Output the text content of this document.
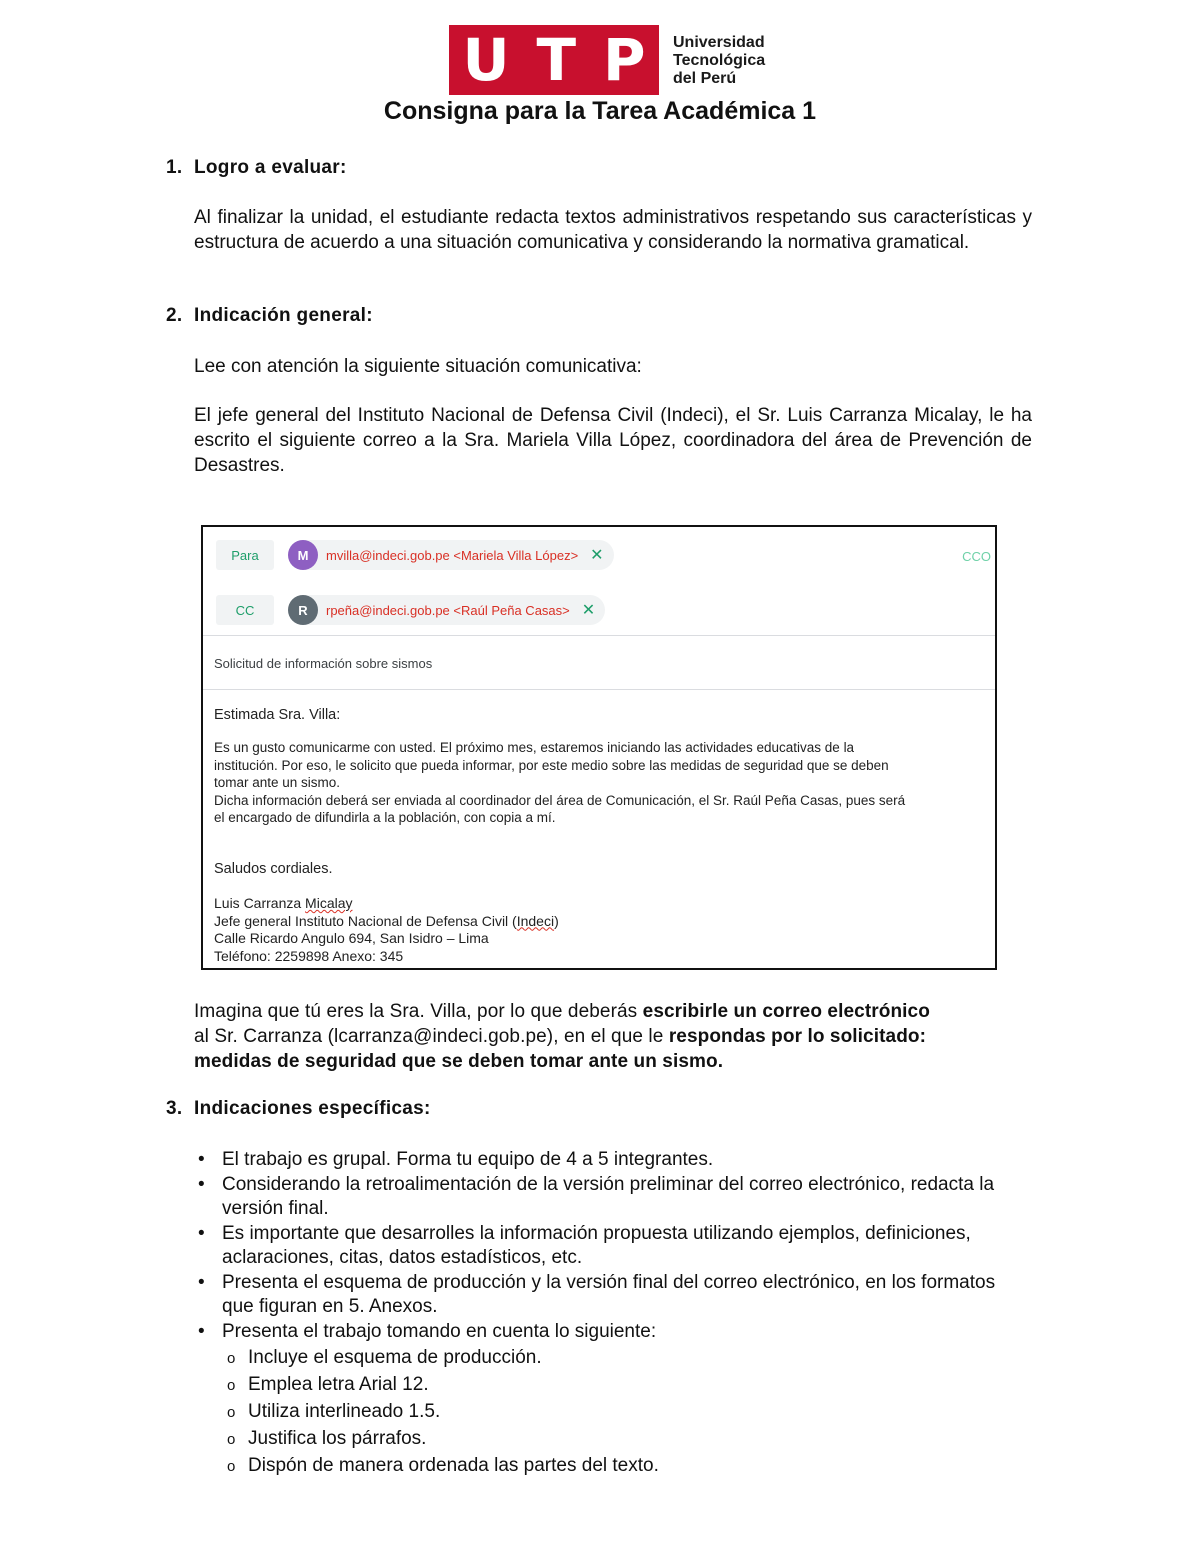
U T P Universidad
Tecnológica
del Perú
Consigna para la Tarea Académica 1
1. Logro a evaluar:
Al finalizar la unidad, el estudiante redacta textos administrativos respetando sus características y estructura de acuerdo a una situación comunicativa y considerando la normativa gramatical.
2. Indicación general:
Lee con atención la siguiente situación comunicativa:
El jefe general del Instituto Nacional de Defensa Civil (Indeci), el Sr. Luis Carranza Micalay, le ha escrito el siguiente correo a la Sra. Mariela Villa López, coordinadora del área de Prevención de Desastres.
Para	M	mvilla@indeci.gob.pe <Mariela Villa López> ✕	CCO
CC	R	rpeña@indeci.gob.pe <Raúl Peña Casas> ✕
Solicitud de información sobre sismos
Estimada Sra. Villa:
Es un gusto comunicarme con usted. El próximo mes, estaremos iniciando las actividades educativas de la
institución. Por eso, le solicito que pueda informar, por este medio sobre las medidas de seguridad que se deben
tomar ante un sismo.
Dicha información deberá ser enviada al coordinador del área de Comunicación, el Sr. Raúl Peña Casas, pues será
el encargado de difundirla a la población, con copia a mí.
Saludos cordiales.
Luis Carranza Micalay
Jefe general Instituto Nacional de Defensa Civil (Indeci)
Calle Ricardo Angulo 694, San Isidro – Lima
Teléfono: 2259898 Anexo: 345
Imagina que tú eres la Sra. Villa, por lo que deberás escribirle un correo electrónico
al Sr. Carranza (lcarranza@indeci.gob.pe), en el que le respondas por lo solicitado:
medidas de seguridad que se deben tomar ante un sismo.
3. Indicaciones específicas:
• El trabajo es grupal. Forma tu equipo de 4 a 5 integrantes.
• Considerando la retroalimentación de la versión preliminar del correo electrónico, redacta la versión final.
• Es importante que desarrolles la información propuesta utilizando ejemplos, definiciones, aclaraciones, citas, datos estadísticos, etc.
• Presenta el esquema de producción y la versión final del correo electrónico, en los formatos que figuran en 5. Anexos.
• Presenta el trabajo tomando en cuenta lo siguiente:
o Incluye el esquema de producción.
o Emplea letra Arial 12.
o Utiliza interlineado 1.5.
o Justifica los párrafos.
o Dispón de manera ordenada las partes del texto.
